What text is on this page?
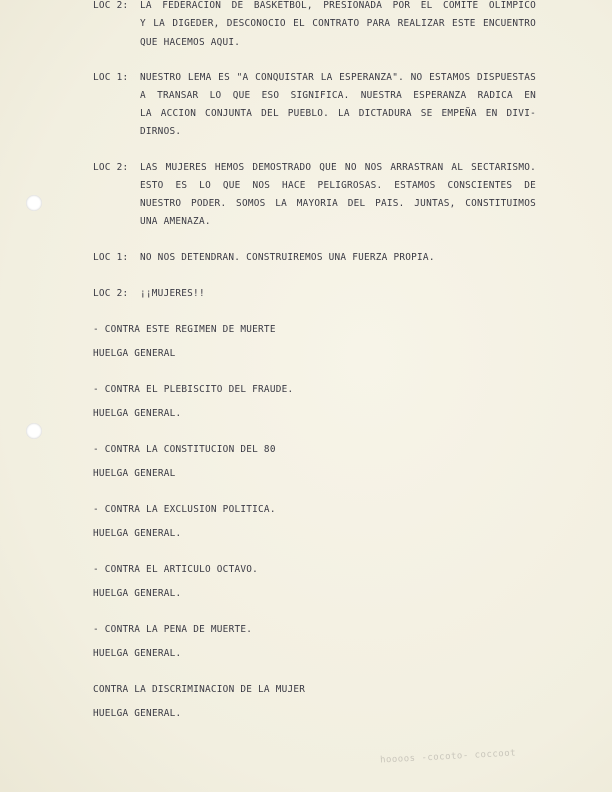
LOC 2: LA FEDERACION DE BASKETBOL, PRESIONADA POR EL COMITE OLIMPICO
Y LA DIGEDER, DESCONOCIO EL CONTRATO PARA REALIZAR ESTE ENCUENTRO
QUE HACEMOS AQUI.
LOC 1: NUESTRO LEMA ES "A CONQUISTAR LA ESPERANZA". NO ESTAMOS DISPUESTAS
A TRANSAR LO QUE ESO SIGNIFICA. NUESTRA ESPERANZA RADICA EN
LA ACCION CONJUNTA DEL PUEBLO. LA DICTADURA SE EMPEÑA EN DIVI-
DIRNOS.
LOC 2: LAS MUJERES HEMOS DEMOSTRADO QUE NO NOS ARRASTRAN AL SECTARISMO.
ESTO ES LO QUE NOS HACE PELIGROSAS. ESTAMOS CONSCIENTES DE
NUESTRO PODER. SOMOS LA MAYORIA DEL PAIS. JUNTAS, CONSTITUIMOS
UNA AMENAZA.
LOC 1: NO NOS DETENDRAN. CONSTRUIREMOS UNA FUERZA PROPIA.
LOC 2: ¡¡MUJERES!!
- CONTRA ESTE REGIMEN DE MUERTE
HUELGA GENERAL
- CONTRA EL PLEBISCITO DEL FRAUDE.
HUELGA GENERAL.
- CONTRA LA CONSTITUCION DEL 80
HUELGA GENERAL
- CONTRA LA EXCLUSION POLITICA.
HUELGA GENERAL.
- CONTRA EL ARTICULO OCTAVO.
HUELGA GENERAL.
- CONTRA LA PENA DE MUERTE.
HUELGA GENERAL.
CONTRA LA DISCRIMINACION DE LA MUJER
HUELGA GENERAL.
hoooos -cocoto- coccoot
